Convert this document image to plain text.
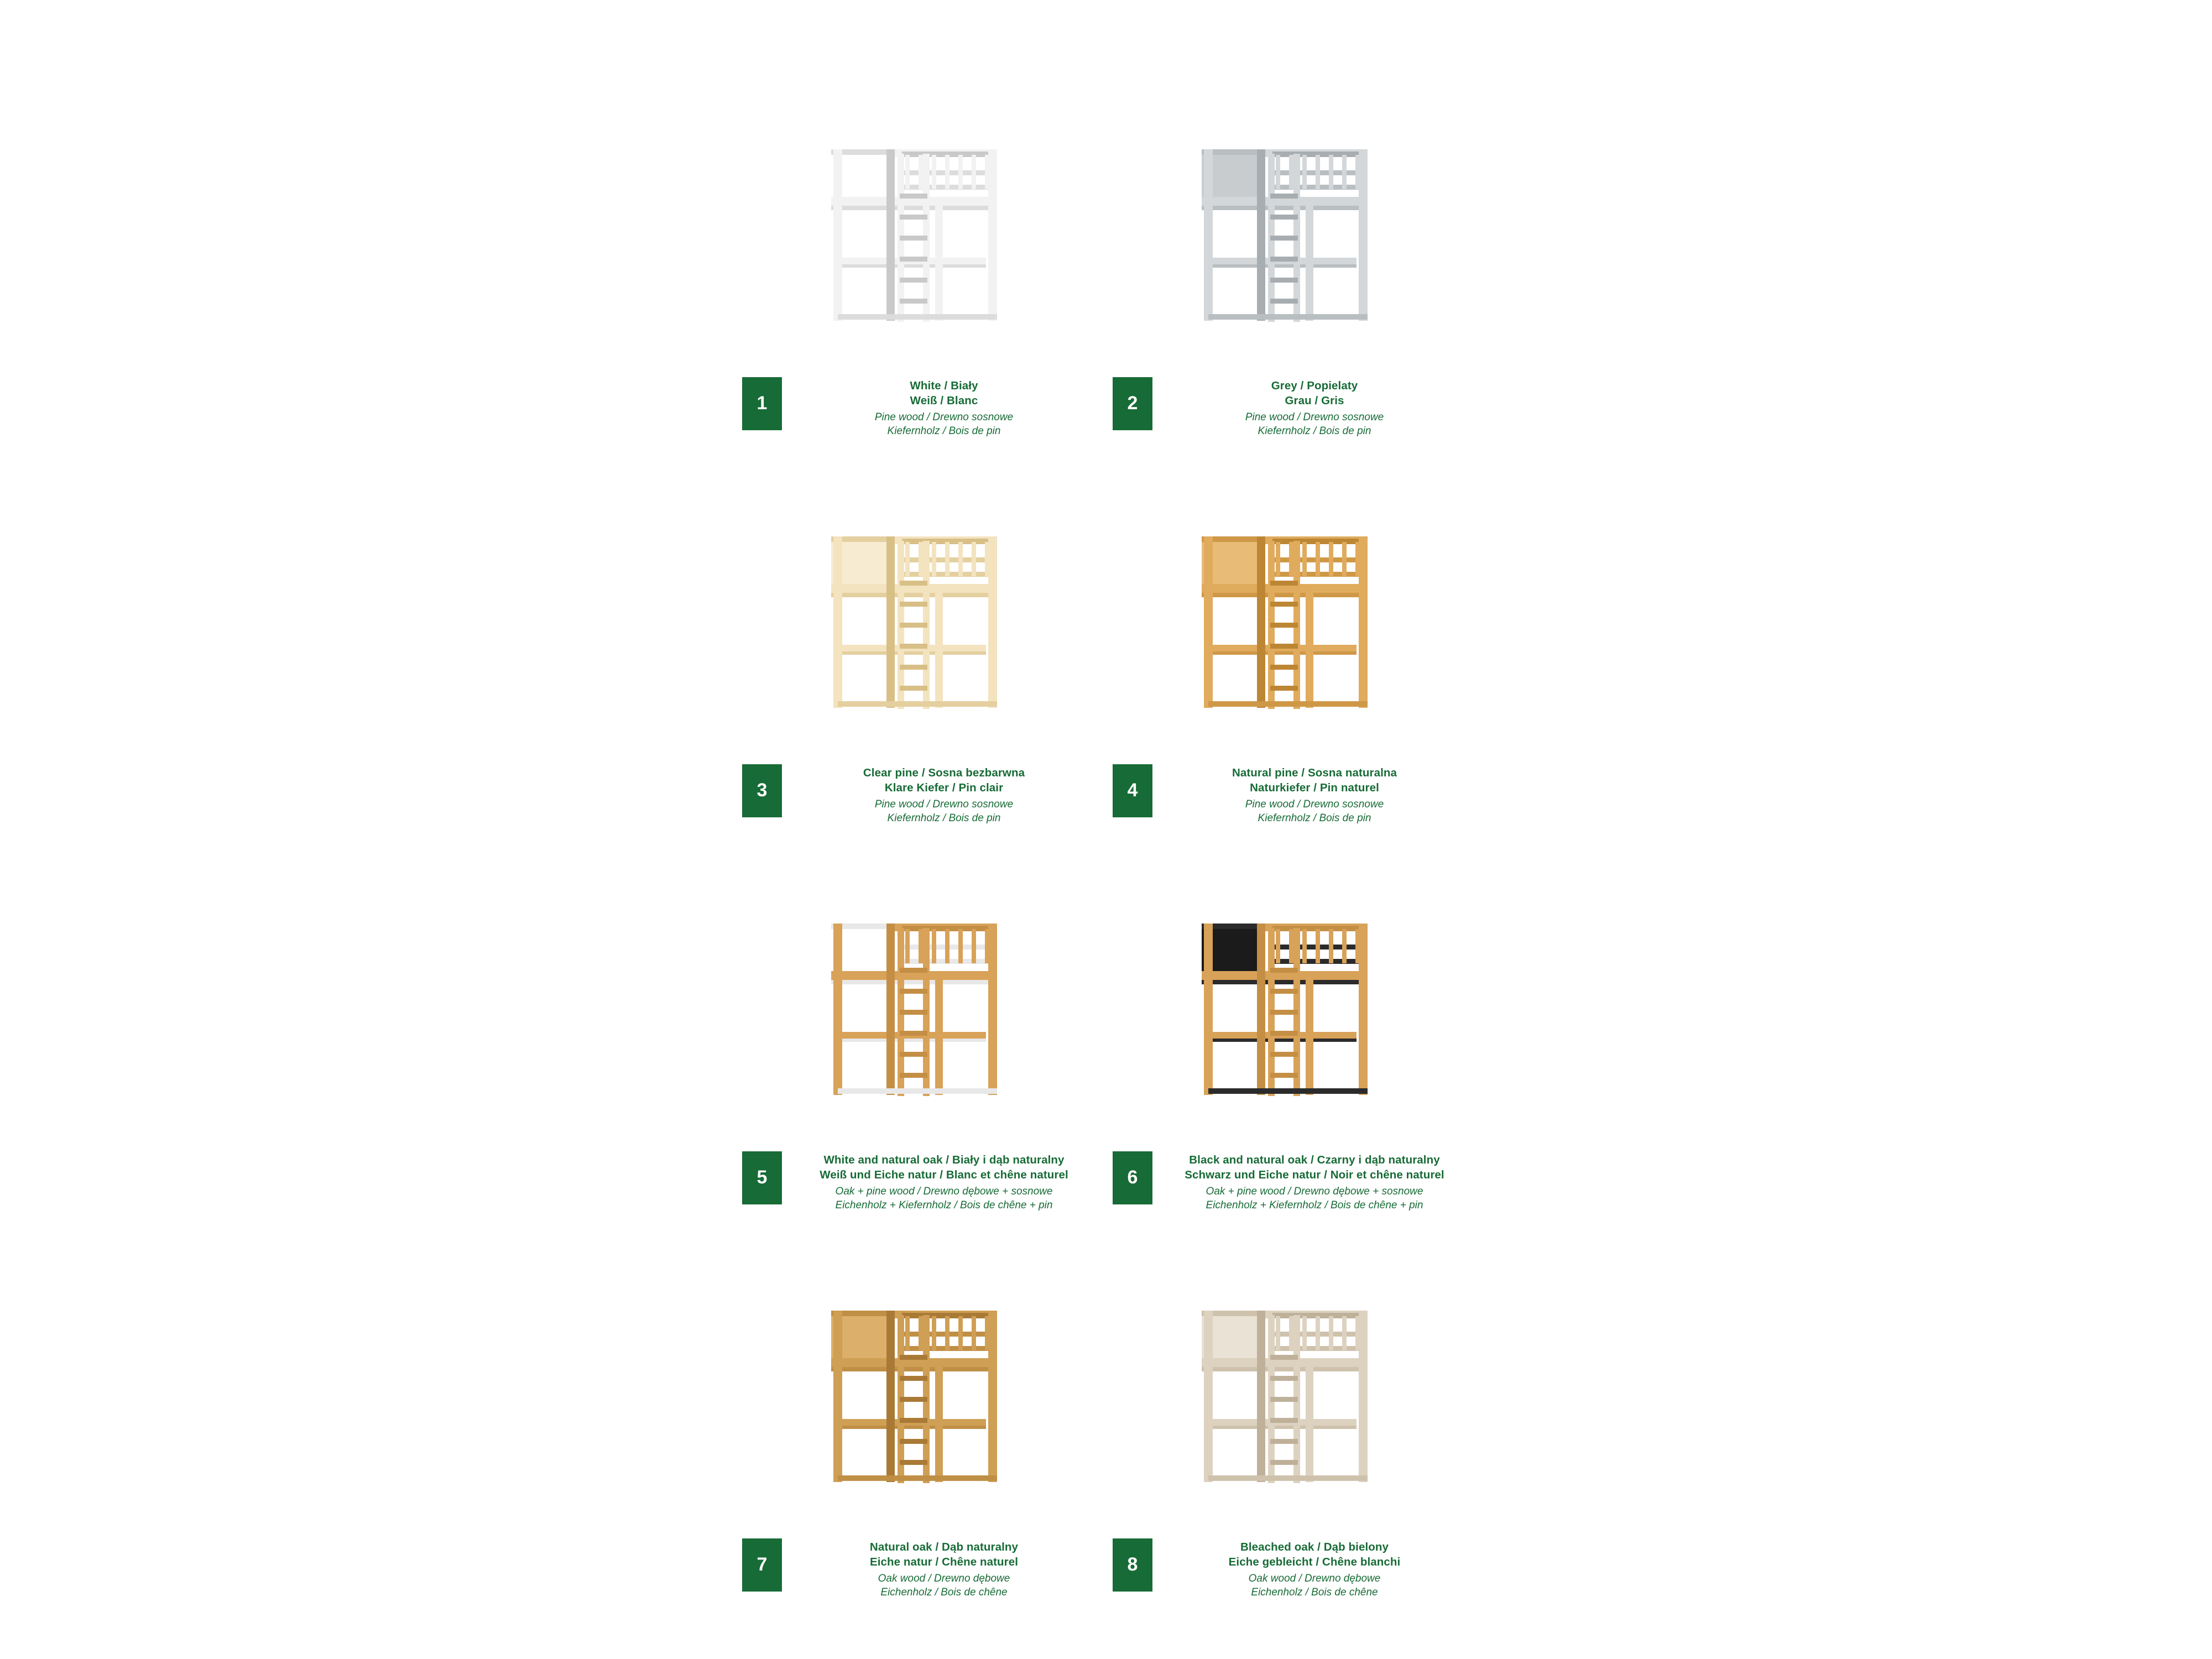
1
White / Biały
Weiß / Blanc
Pine wood / Drewno sosnowe
Kiefernholz / Bois de pin
2
Grey / Popielaty
Grau / Gris
Pine wood / Drewno sosnowe
Kiefernholz / Bois de pin
3
Clear pine / Sosna bezbarwna
Klare Kiefer / Pin clair
Pine wood / Drewno sosnowe
Kiefernholz / Bois de pin
4
Natural pine / Sosna naturalna
Naturkiefer / Pin naturel
Pine wood / Drewno sosnowe
Kiefernholz / Bois de pin
5
White and natural oak / Biały i dąb naturalny
Weiß und Eiche natur / Blanc et chêne naturel
Oak + pine wood / Drewno dębowe + sosnowe
Eichenholz + Kiefernholz / Bois de chêne + pin
6
Black and natural oak / Czarny i dąb naturalny
Schwarz und Eiche natur / Noir et chêne naturel
Oak + pine wood / Drewno dębowe + sosnowe
Eichenholz + Kiefernholz / Bois de chêne + pin
7
Natural oak / Dąb naturalny
Eiche natur / Chêne naturel
Oak wood / Drewno dębowe
Eichenholz / Bois de chêne
8
Bleached oak / Dąb bielony
Eiche gebleicht / Chêne blanchi
Oak wood / Drewno dębowe
Eichenholz / Bois de chêne
